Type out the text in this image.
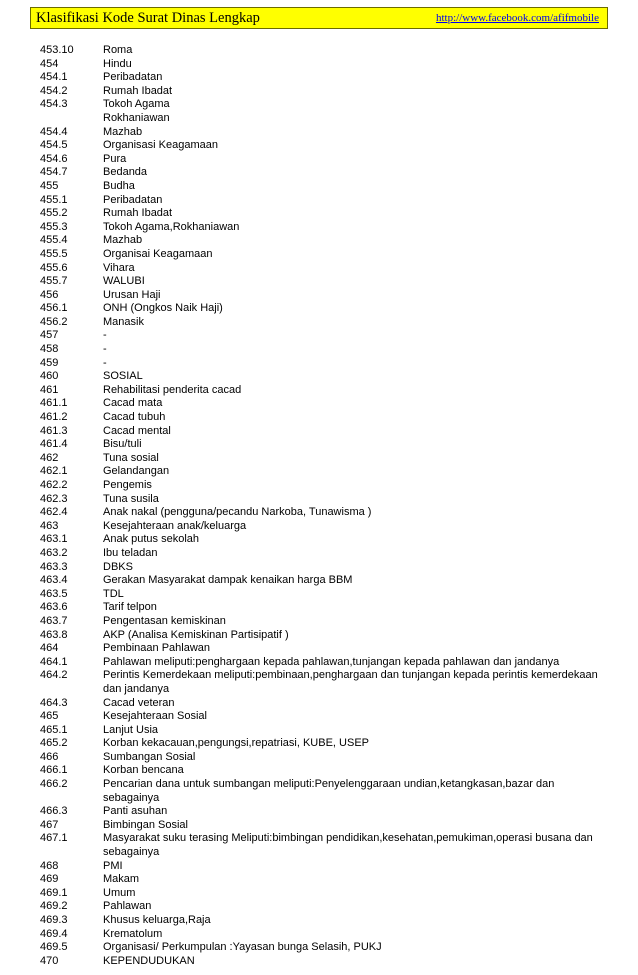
Klasifikasi Kode Surat Dinas Lengkap	http://www.facebook.com/afifmobile
453.10	Roma
454	Hindu
454.1	Peribadatan
454.2	Rumah Ibadat
454.3	Tokoh Agama
Rokhaniawan
454.4	Mazhab
454.5	Organisasi Keagamaan
454.6	Pura
454.7	Bedanda
455	Budha
455.1	Peribadatan
455.2	Rumah Ibadat
455.3	Tokoh Agama,Rokhaniawan
455.4	Mazhab
455.5	Organisai Keagamaan
455.6	Vihara
455.7	WALUBI
456	Urusan Haji
456.1	ONH (Ongkos Naik Haji)
456.2	Manasik
457	-
458	-
459	-
460	SOSIAL
461	Rehabilitasi penderita cacad
461.1	Cacad mata
461.2	Cacad tubuh
461.3	Cacad mental
461.4	Bisu/tuli
462	Tuna sosial
462.1	Gelandangan
462.2	Pengemis
462.3	Tuna susila
462.4	Anak nakal (pengguna/pecandu Narkoba, Tunawisma )
463	Kesejahteraan anak/keluarga
463.1	Anak putus sekolah
463.2	Ibu teladan
463.3	DBKS
463.4	Gerakan Masyarakat dampak kenaikan harga BBM
463.5	TDL
463.6	Tarif telpon
463.7	Pengentasan kemiskinan
463.8	AKP (Analisa Kemiskinan Partisipatif )
464	Pembinaan Pahlawan
464.1	Pahlawan meliputi:penghargaan kepada pahlawan,tunjangan kepada pahlawan dan jandanya
464.2	Perintis Kemerdekaan meliputi:pembinaan,penghargaan dan tunjangan kepada perintis kemerdekaan dan jandanya
464.3	Cacad veteran
465	Kesejahteraan Sosial
465.1	Lanjut Usia
465.2	Korban kekacauan,pengungsi,repatriasi, KUBE, USEP
466	Sumbangan Sosial
466.1	Korban bencana
466.2	Pencarian dana untuk sumbangan meliputi:Penyelenggaraan undian,ketangkasan,bazar dan sebagainya
466.3	Panti asuhan
467	Bimbingan Sosial
467.1	Masyarakat suku terasing Meliputi:bimbingan pendidikan,kesehatan,pemukiman,operasi busana dan sebagainya
468	PMI
469	Makam
469.1	Umum
469.2	Pahlawan
469.3	Khusus keluarga,Raja
469.4	Krematolum
469.5	Organisasi/ Perkumpulan :Yayasan bunga Selasih, PUKJ
470	KEPENDUDUKAN
